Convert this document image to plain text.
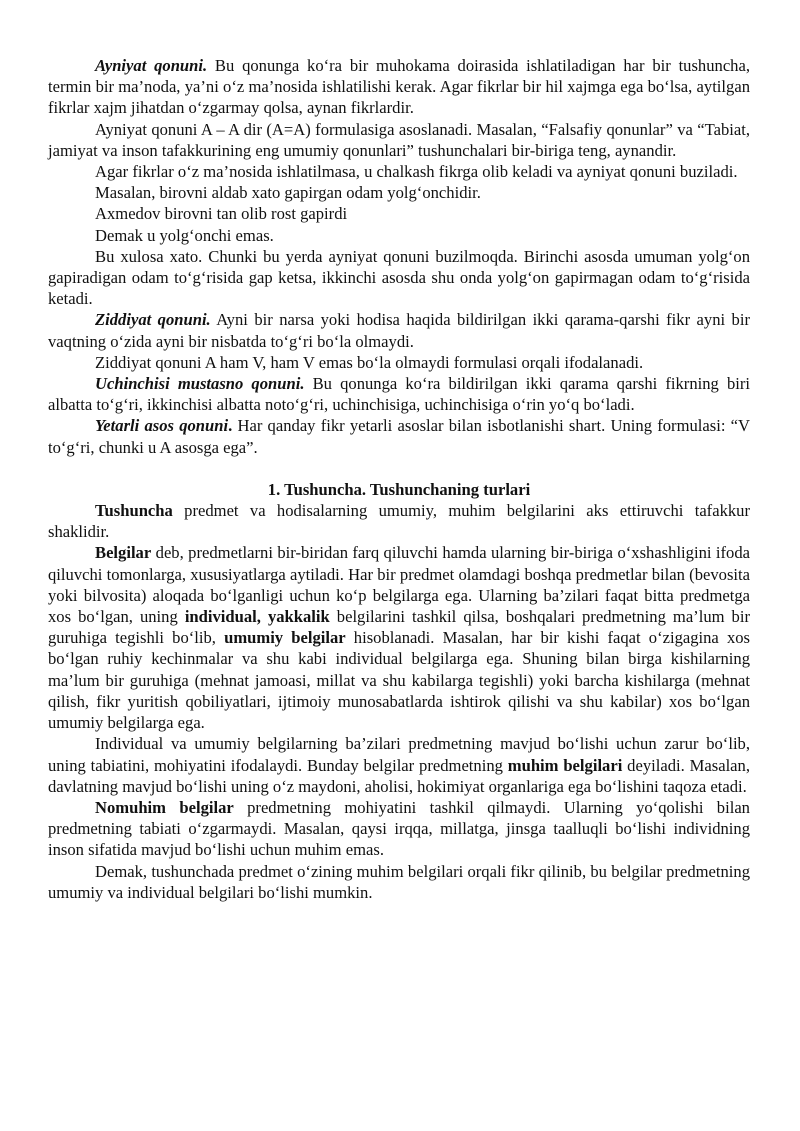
Ayniyat qonuni. Bu qonunga ko‘ra bir muhokama doirasida ishlatiladigan har bir tushuncha, termin bir ma’noda, ya’ni o‘z ma’nosida ishlatilishi kerak. Agar fikrlar bir hil xajmga ega bo‘lsa, aytilgan fikrlar xajm jihatdan o‘zgarmay qolsa, aynan fikrlardir.

Ayniyat qonuni A – A dir (A=A) formulasiga asoslanadi. Masalan, “Falsafiy qonunlar” va “Tabiat, jamiyat va inson tafakkurining eng umumiy qonunlari” tushunchalari bir-biriga teng, aynandir.

Agar fikrlar o‘z ma’nosida ishlatilmasa, u chalkash fikrga olib keladi va ayniyat qonuni buziladi.

Masalan, birovni aldab xato gapirgan odam yolg‘onchidir.

Axmedov birovni tan olib rost gapirdi

Demak u yolg‘onchi emas.

Bu xulosa xato. Chunki bu yerda ayniyat qonuni buzilmoqda. Birinchi asosda umuman yolg‘on gapiradigan odam to‘g‘risida gap ketsa, ikkinchi asosda shu onda yolg‘on gapirmagan odam to‘g‘risida ketadi.

Ziddiyat qonuni. Ayni bir narsa yoki hodisa haqida bildirilgan ikki qarama-qarshi fikr ayni bir vaqtning o‘zida ayni bir nisbatda to‘g‘ri bo‘la olmaydi.

Ziddiyat qonuni A ham V, ham V emas bo‘la olmaydi formulasi orqali ifodalanadi.

Uchinchisi mustasno qonuni. Bu qonunga ko‘ra bildirilgan ikki qarama qarshi fikrning biri albatta to‘g‘ri, ikkinchisi albatta noto‘g‘ri, uchinchisiga, uchinchisiga o‘rin yo‘q bo‘ladi.

Yetarli asos qonuni. Har qanday fikr yetarli asoslar bilan isbotlanishi shart. Uning formulasi: “V to‘g‘ri, chunki u A asosga ega”.

1. Tushuncha. Tushunchaning turlari

Tushuncha predmet va hodisalarning umumiy, muhim belgilarini aks ettiruvchi tafakkur shaklidir.

Belgilar deb, predmetlarni bir-biridan farq qiluvchi hamda ularning bir-biriga o‘xshashligini ifoda qiluvchi tomonlarga, xususiyatlarga aytiladi. Har bir predmet olamdagi boshqa predmetlar bilan (bevosita yoki bilvosita) aloqada bo‘lganligi uchun ko‘p belgilarga ega. Ularning ba’zilari faqat bitta predmetga xos bo‘lgan, uning individual, yakkalik belgilarini tashkil qilsa, boshqalari predmetning ma’lum bir guruhiga tegishli bo‘lib, umumiy belgilar hisoblanadi. Masalan, har bir kishi faqat o‘zigagina xos bo‘lgan ruhiy kechinmalar va shu kabi individual belgilarga ega. Shuning bilan birga kishilarning ma’lum bir guruhiga (mehnat jamoasi, millat va shu kabilarga tegishli) yoki barcha kishilarga (mehnat qilish, fikr yuritish qobiliyatlari, ijtimoiy munosabatlarda ishtirok qilishi va shu kabilar) xos bo‘lgan umumiy belgilarga ega.

Individual va umumiy belgilarning ba’zilari predmetning mavjud bo‘lishi uchun zarur bo‘lib, uning tabiatini, mohiyatini ifodalaydi. Bunday belgilar predmetning muhim belgilari deyiladi. Masalan, davlatning mavjud bo‘lishi uning o‘z maydoni, aholisi, hokimiyat organlariga ega bo‘lishini taqoza etadi.

Nomuhim belgilar predmetning mohiyatini tashkil qilmaydi. Ularning yo‘qolishi bilan predmetning tabiati o‘zgarmaydi. Masalan, qaysi irqqa, millatga, jinsga taalluqli bo‘lishi individning inson sifatida mavjud bo‘lishi uchun muhim emas.

Demak, tushunchada predmet o‘zining muhim belgilari orqali fikr qilinib, bu belgilar predmetning umumiy va individual belgilari bo‘lishi mumkin.
